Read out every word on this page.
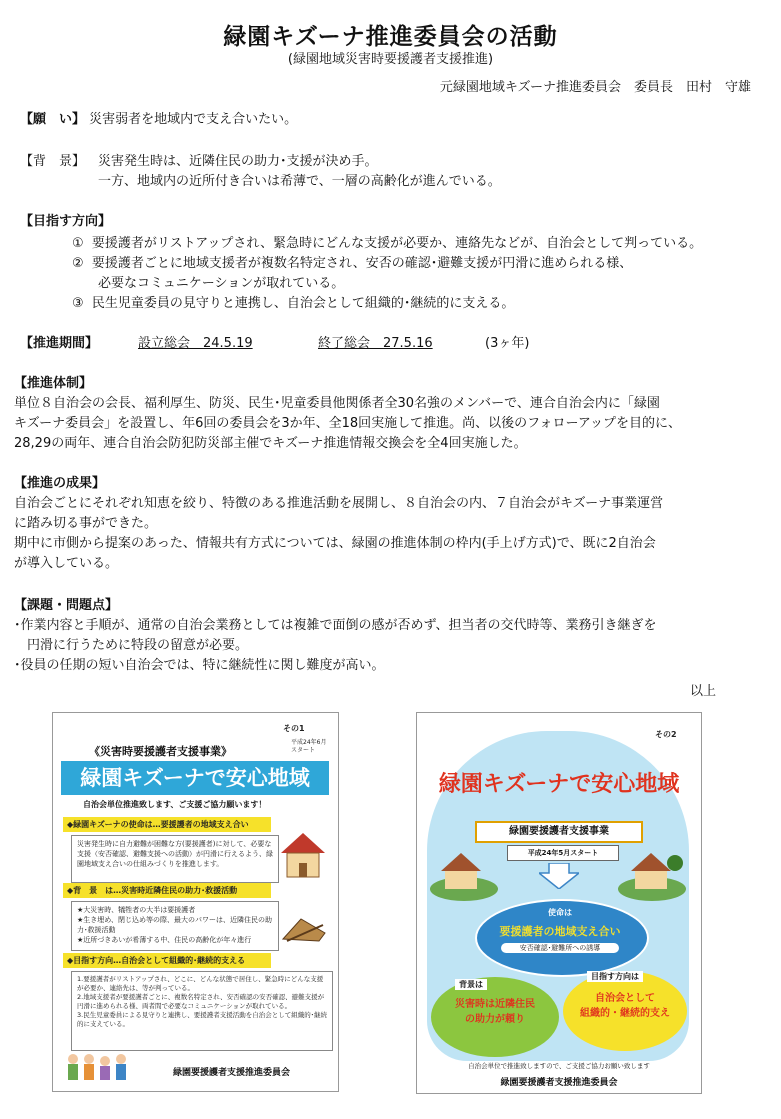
緑園キズーナ推進委員会の活動
(緑園地域災害時要援護者支援推進)
元緑園地域キズーナ推進委員会　委員長　田村　守雄
【願　い】 災害弱者を地域内で支え合いたい。
【背　景】 災害発生時は、近隣住民の助力･支援が決め手。
一方、地域内の近所付き合いは希薄で、一層の高齢化が進んでいる。
【目指す方向】
① 要援護者がリストアップされ、緊急時にどんな支援が必要か、連絡先などが、自治会として判っている。
② 要援護者ごとに地域支援者が複数名特定され、安否の確認･避難支援が円滑に進められる様、
必要なコミュニケーションが取れている。
③ 民生児童委員の見守りと連携し、自治会として組織的･継続的に支える。
【推進期間】	設立総会　24.5.19	終了総会　27.5.16	(3ヶ年)
【推進体制】
単位８自治会の会長、福利厚生、防災、民生･児童委員他関係者全30名強のメンバーで、連合自治会内に「緑園
キズーナ委員会」を設置し、年6回の委員会を3か年、全18回実施して推進。尚、以後のフォローアップを目的に、
28,29の両年、連合自治会防犯防災部主催でキズーナ推進情報交換会を全4回実施した。
【推進の成果】
自治会ごとにそれぞれ知恵を絞り、特徴のある推進活動を展開し、８自治会の内、７自治会がキズーナ事業運営
に踏み切る事ができた。
期中に市側から提案のあった、情報共有方式については、緑園の推進体制の枠内(手上げ方式)で、既に2自治会
が導入している。
【課題・問題点】
･作業内容と手順が、通常の自治会業務としては複雑で面倒の感が否めず、担当者の交代時等、業務引き継ぎを
　円滑に行うために特段の留意が必要。
･役員の任期の短い自治会では、特に継続性に関し難度が高い。
以上
その1
《災害時要援護者支援事業》
平成24年6月
スタート
緑園キズーナで安心地域
自治会単位推進致します、ご支援ご協力願います！
◆緑園キズーナの使命は…要援護者の地域支え合い
災害発生時に自力避難が困難な方(要援護者)に対して、必要な支援（安否確認、避難支援への活動）が円滑に行えるよう、緑園地域支え合いの仕組みづくりを推進します。
◆背　景　は…災害時近隣住民の助力･救援活動
★大災害時、犠牲者の大半は要援護者
★生き埋め、閉じ込め等の際、最大のパワーは、近隣住民の助力･救援活動
★近所づきあいが希薄する中、住民の高齢化が年々進行
◆目指す方向…自治会として組織的･継続的支える
1.要援護者がリストアップされ、どこに、どんな状態で居住し、緊急時にどんな支援が必要か、連絡先は、等が判っている。
2.地域支援者が要援護者ごとに、複数名特定され、安否確認の安否確認、避難支援が円滑に進められる様、両者間で必要なコミュニケーションが取れている。
3.民生児童委員による見守りと連携し、要援護者支援活動を自治会として組織的･継続的に支えている。
緑園要援護者支援推進委員会
その2
緑園キズーナで安心地域
緑園要援護者支援事業
平成24年5月スタート
使命は
要援護者の地域支え合い
安否確認･避難所への誘導
背景は
災害時は近隣住民
の助力が頼り
目指す方向は
自治会として
組織的・継続的支え
自治会単位で推進致しますので、ご支援ご協力お願い致します
緑園要援護者支援推進委員会
